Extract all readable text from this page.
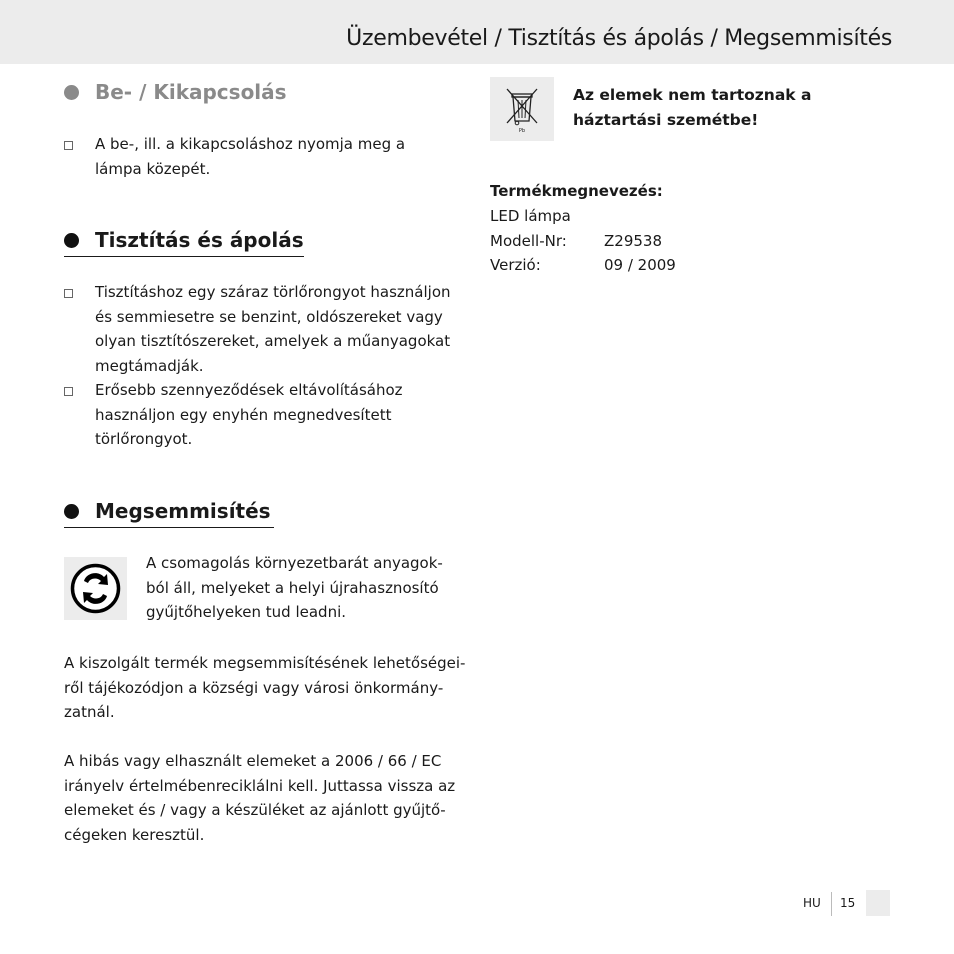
Üzembevétel / Tisztítás és ápolás / Megsemmisítés
Be- / Kikapcsolás
A be-, ill. a kikapcsoláshoz nyomja meg a
lámpa közepét.
Tisztítás és ápolás
Tisztításhoz egy száraz törlőrongyot használjon
és semmiesetre se benzint, oldószereket vagy
olyan tisztítószereket, amelyek a műanyagokat
megtámadják.
Erősebb szennyeződések eltávolításához
használjon egy enyhén megnedvesített
törlőrongyot.
Megsemmisítés
A csomagolás környezetbarát anyagok-
ból áll, melyeket a helyi újrahasznosító
gyűjtőhelyeken tud leadni.
A kiszolgált termék megsemmisítésének lehetőségei-
ről tájékozódjon a községi vagy városi önkormány-
zatnál.
A hibás vagy elhasznált elemeket a 2006 / 66 / EC
irányelv értelmébenreciklálni kell. Juttassa vissza az
elemeket és / vagy a készüléket az ajánlott gyűjtő-
cégeken keresztül.
Pb
Az elemek nem tartoznak a
háztartási szemétbe!
Termékmegnevezés:
LED lámpa
Modell-Nr: Z29538
Verzió:	09 / 2009
HU 15
